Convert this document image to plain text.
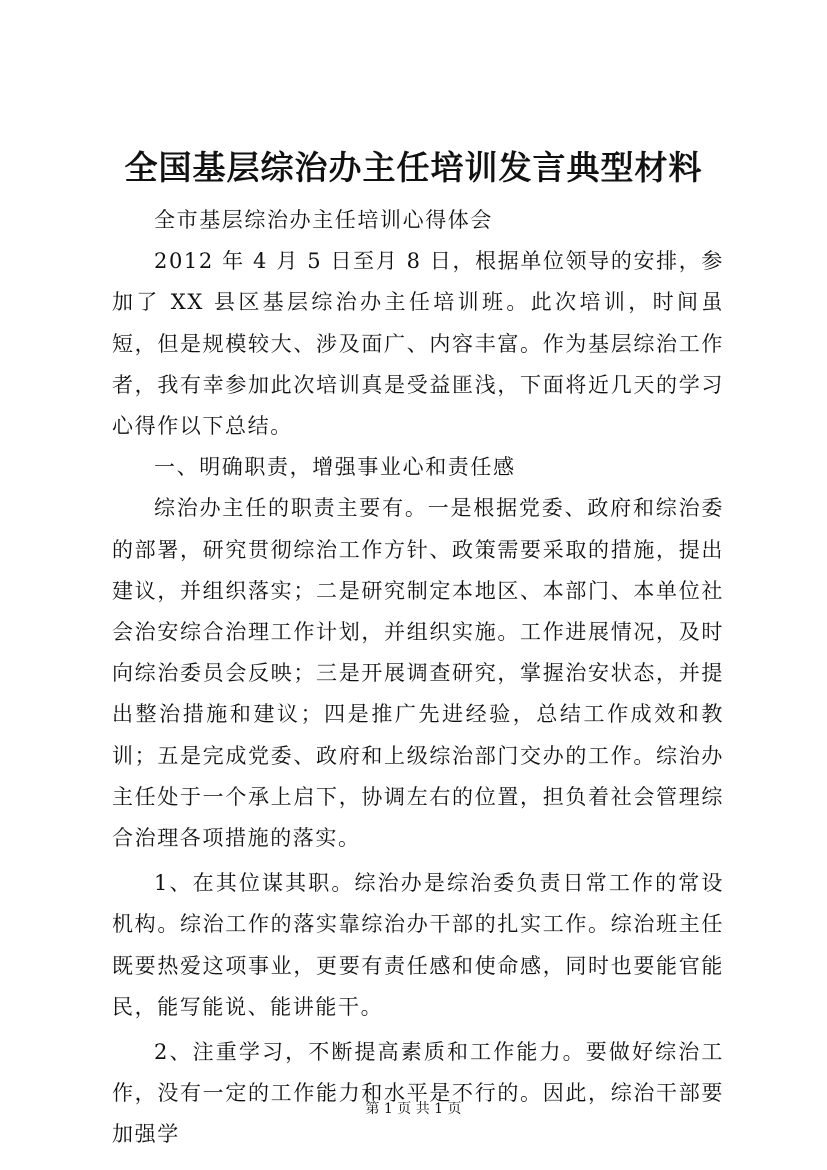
全国基层综治办主任培训发言典型材料

全市基层综治办主任培训心得体会

2012 年 4 月 5 日至月 8 日，根据单位领导的安排，参加了 XX 县区基层综治办主任培训班。此次培训，时间虽短，但是规模较大、涉及面广、内容丰富。作为基层综治工作者，我有幸参加此次培训真是受益匪浅，下面将近几天的学习心得作以下总结。

一、明确职责，增强事业心和责任感

综治办主任的职责主要有。一是根据党委、政府和综治委的部署，研究贯彻综治工作方针、政策需要采取的措施，提出建议，并组织落实；二是研究制定本地区、本部门、本单位社会治安综合治理工作计划，并组织实施。工作进展情况，及时向综治委员会反映；三是开展调查研究，掌握治安状态，并提出整治措施和建议；四是推广先进经验，总结工作成效和教训；五是完成党委、政府和上级综治部门交办的工作。综治办主任处于一个承上启下，协调左右的位置，担负着社会管理综合治理各项措施的落实。

1、在其位谋其职。综治办是综治委负责日常工作的常设机构。综治工作的落实靠综治办干部的扎实工作。综治班主任既要热爱这项事业，更要有责任感和使命感，同时也要能官能民，能写能说、能讲能干。

2、注重学习，不断提高素质和工作能力。要做好综治工作，没有一定的工作能力和水平是不行的。因此，综治干部要加强学

第 1 页 共 1 页
